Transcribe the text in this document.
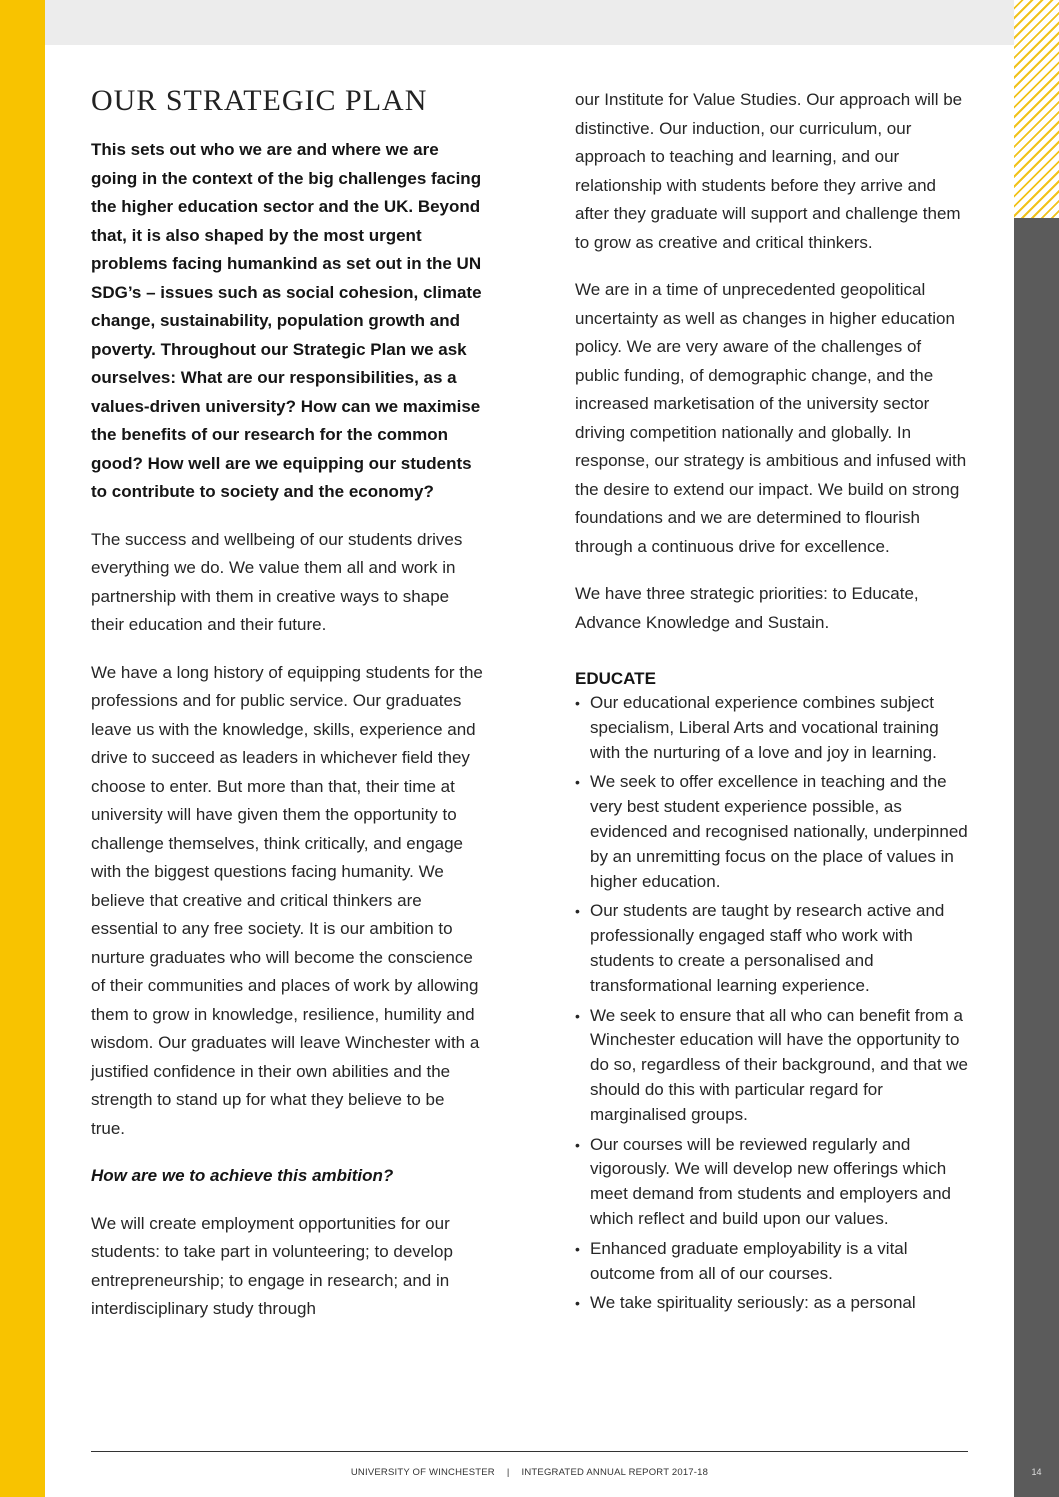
14
OUR STRATEGIC PLAN

This sets out who we are and where we are going in the context of the big challenges facing the higher education sector and the UK. Beyond that, it is also shaped by the most urgent problems facing humankind as set out in the UN SDG’s – issues such as social cohesion, climate change, sustainability, population growth and poverty. Throughout our Strategic Plan we ask ourselves: What are our responsibilities, as a values-driven university? How can we maximise the benefits of our research for the common good? How well are we equipping our students to contribute to society and the economy?

The success and wellbeing of our students drives everything we do. We value them all and work in partnership with them in creative ways to shape their education and their future.

We have a long history of equipping students for the professions and for public service. Our graduates leave us with the knowledge, skills, experience and drive to succeed as leaders in whichever field they choose to enter. But more than that, their time at university will have given them the opportunity to challenge themselves, think critically, and engage with the biggest questions facing humanity. We believe that creative and critical thinkers are essential to any free society. It is our ambition to nurture graduates who will become the conscience of their communities and places of work by allowing them to grow in knowledge, resilience, humility and wisdom. Our graduates will leave Winchester with a justified confidence in their own abilities and the strength to stand up for what they believe to be true.

How are we to achieve this ambition?

We will create employment opportunities for our students: to take part in volunteering; to develop entrepreneurship; to engage in research; and in interdisciplinary study through

our Institute for Value Studies. Our approach will be distinctive. Our induction, our curriculum, our approach to teaching and learning, and our relationship with students before they arrive and after they graduate will support and challenge them to grow as creative and critical thinkers.

We are in a time of unprecedented geopolitical uncertainty as well as changes in higher education policy. We are very aware of the challenges of public funding, of demographic change, and the increased marketisation of the university sector driving competition nationally and globally. In response, our strategy is ambitious and infused with the desire to extend our impact. We build on strong foundations and we are determined to flourish through a continuous drive for excellence.

We have three strategic priorities: to Educate, Advance Knowledge and Sustain.

EDUCATE
• Our educational experience combines subject specialism, Liberal Arts and vocational training with the nurturing of a love and joy in learning.
• We seek to offer excellence in teaching and the very best student experience possible, as evidenced and recognised nationally, underpinned by an unremitting focus on the place of values in higher education.
• Our students are taught by research active and professionally engaged staff who work with students to create a personalised and transformational learning experience.
• We seek to ensure that all who can benefit from a Winchester education will have the opportunity to do so, regardless of their background, and that we should do this with particular regard for marginalised groups.
• Our courses will be reviewed regularly and vigorously. We will develop new offerings which meet demand from students and employers and which reflect and build upon our values.
• Enhanced graduate employability is a vital outcome from all of our courses.
• We take spirituality seriously: as a personal
UNIVERSITY OF WINCHESTER | INTEGRATED ANNUAL REPORT 2017-18
